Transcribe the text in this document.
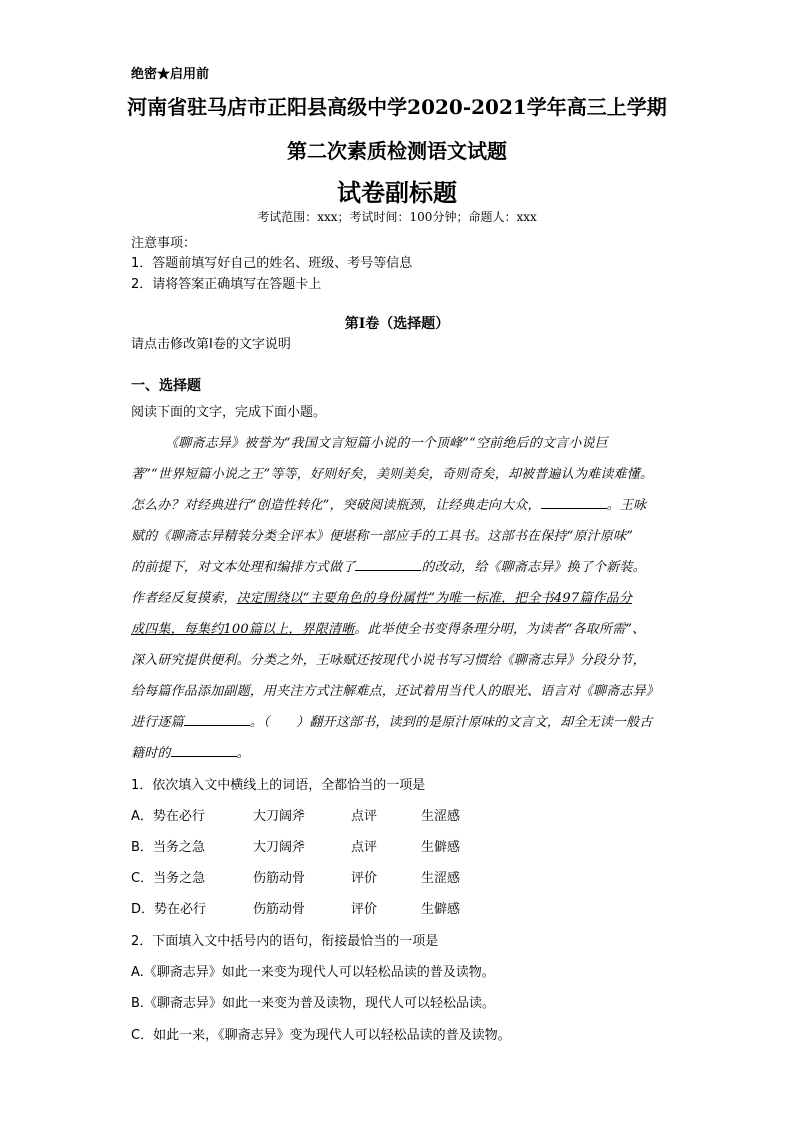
绝密★启用前
河南省驻马店市正阳县高级中学2020-2021学年高三上学期
第二次素质检测语文试题
试卷副标题
考试范围：xxx；考试时间：100分钟；命题人：xxx
注意事项：
1．答题前填写好自己的姓名、班级、考号等信息
2．请将答案正确填写在答题卡上
第I卷（选择题）
请点击修改第I卷的文字说明
一、选择题
阅读下面的文字，完成下面小题。
《聊斋志异》被誉为“我国文言短篇小说的一个顶峰”“空前绝后的文言小说巨
著”“世界短篇小说之王”等等，好则好矣，美则美矣，奇则奇矣，却被普遍认为难读难懂。
怎么办？对经典进行“创造性转化”，突破阅读瓶颈，让经典走向大众，	。王咏
赋的《聊斋志异精装分类全评本》便堪称一部应手的工具书。这部书在保持“原汁原味”
的前提下，对文本处理和编排方式做了	的改动，给《聊斋志异》换了个新装。
作者经反复摸索，决定围绕以“主要角色的身份属性”为唯一标准，把全书497篇作品分
成四集，每集约100篇以上，界限清晰。此举使全书变得条理分明，为读者“各取所需”、
深入研究提供便利。分类之外，王咏赋还按现代小说书写习惯给《聊斋志异》分段分节，
给每篇作品添加副题，用夹注方式注解难点，还试着用当代人的眼光、语言对《聊斋志异》
进行逐篇	。（　　）翻开这部书，读到的是原汁原味的文言文，却全无读一般古
籍时的	。
1．依次填入文中横线上的词语，全都恰当的一项是
A．势在必行	大刀阔斧	点评	生涩感
B．当务之急	大刀阔斧	点评	生僻感
C．当务之急	伤筋动骨	评价	生涩感
D．势在必行	伤筋动骨	评价	生僻感
2．下面填入文中括号内的语句，衔接最恰当的一项是
A.《聊斋志异》如此一来变为现代人可以轻松品读的普及读物。
B.《聊斋志异》如此一来变为普及读物，现代人可以轻松品读。
C．如此一来，《聊斋志异》变为现代人可以轻松品读的普及读物。
